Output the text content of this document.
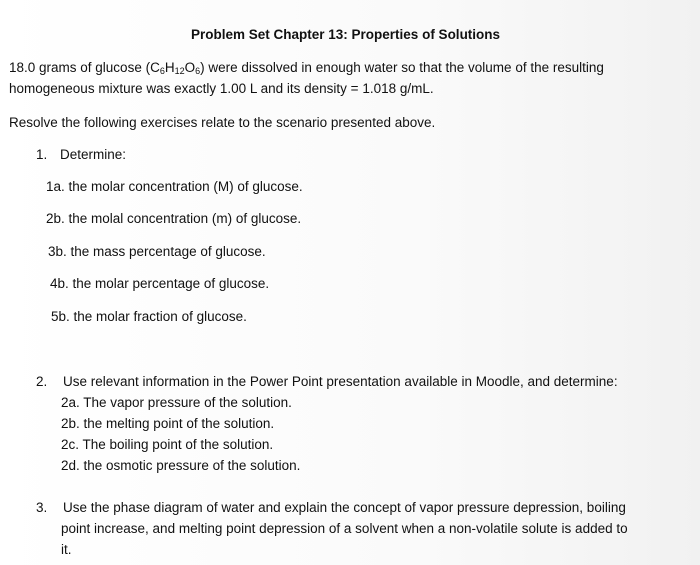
Problem Set Chapter 13: Properties of Solutions
18.0 grams of glucose $(C_6H_{12}O_6)$ were dissolved in enough water so that the volume of the resulting
homogeneous mixture was exactly 1.00 L and its density = 1.018 g/mL.
Resolve the following exercises relate to the scenario presented above.
1. Determine:
1a. the molar concentration (M) of glucose.
2b. the molal concentration (m) of glucose.
3b. the mass percentage of glucose.
4b. the molar percentage of glucose.
5b. the molar fraction of glucose.
2. Use relevant information in the Power Point presentation available in Moodle, and determine:
2a. The vapor pressure of the solution.
2b. the melting point of the solution.
2c. The boiling point of the solution.
2d. the osmotic pressure of the solution.
3. Use the phase diagram of water and explain the concept of vapor pressure depression, boiling
point increase, and melting point depression of a solvent when a non-volatile solute is added to
it.
